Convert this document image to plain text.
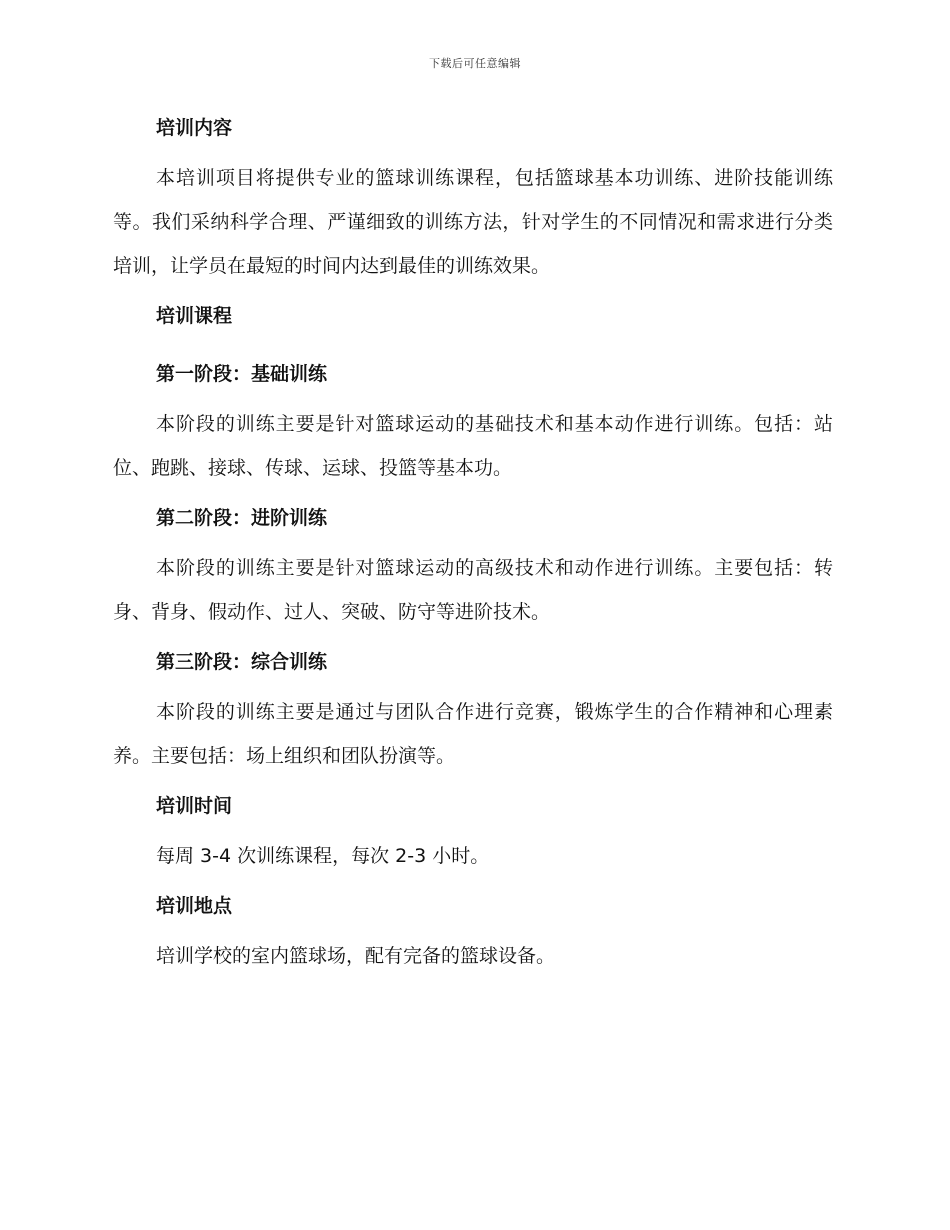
下载后可任意编辑
培训内容
本培训项目将提供专业的篮球训练课程，包括篮球基本功训练、进阶技能训练等。我们采纳科学合理、严谨细致的训练方法，针对学生的不同情况和需求进行分类培训，让学员在最短的时间内达到最佳的训练效果。
培训课程
第一阶段：基础训练
本阶段的训练主要是针对篮球运动的基础技术和基本动作进行训练。包括：站位、跑跳、接球、传球、运球、投篮等基本功。
第二阶段：进阶训练
本阶段的训练主要是针对篮球运动的高级技术和动作进行训练。主要包括：转身、背身、假动作、过人、突破、防守等进阶技术。
第三阶段：综合训练
本阶段的训练主要是通过与团队合作进行竞赛，锻炼学生的合作精神和心理素养。主要包括：场上组织和团队扮演等。
培训时间
每周 3-4 次训练课程，每次 2-3 小时。
培训地点
培训学校的室内篮球场，配有完备的篮球设备。
